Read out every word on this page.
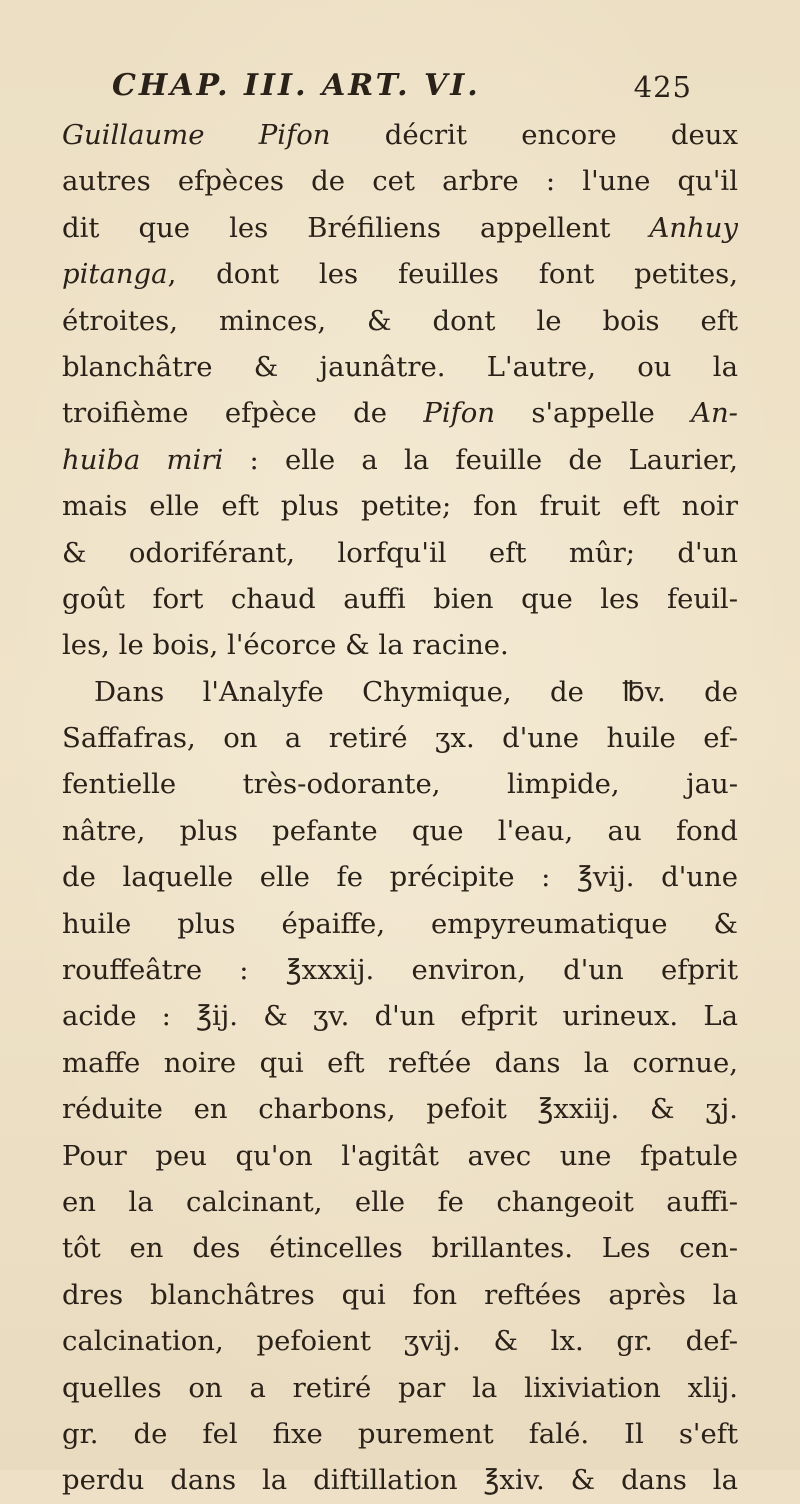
CHAP. III. ART. VI.	425
Guillaume Pifon décrit encore deux
autres efpèces de cet arbre : l'une qu'il
dit que les Bréfiliens appellent Anhuy
pitanga, dont les feuilles font petites,
étroites, minces, & dont le bois eft
blanchâtre & jaunâtre. L'autre, ou la
troifième efpèce de Pifon s'appelle An-
huiba miri : elle a la feuille de Laurier,
mais elle eft plus petite; fon fruit eft noir
& odoriférant, lorfqu'il eft mûr; d'un
goût fort chaud auffi bien que les feuil-
les, le bois, l'écorce & la racine.
Dans l'Analyfe Chymique, de ℔v. de
Saffafras, on a retiré ʒx. d'une huile ef-
fentielle très-odorante, limpide, jau-
nâtre, plus pefante que l'eau, au fond
de laquelle elle fe précipite : ℥vij. d'une
huile plus épaiffe, empyreumatique &
rouffeâtre : ℥xxxij. environ, d'un efprit
acide : ℥ij. & ʒv. d'un efprit urineux. La
maffe noire qui eft reftée dans la cornue,
réduite en charbons, pefoit ℥xxiij. & ʒj.
Pour peu qu'on l'agitât avec une fpatule
en la calcinant, elle fe changeoit auffi-
tôt en des étincelles brillantes. Les cen-
dres blanchâtres qui fon reftées après la
calcination, pefoient ʒvij. & lx. gr. def-
quelles on a retiré par la lixiviation xlij.
gr. de fel fixe purement falé. Il s'eft
perdu dans la diftillation ℥xiv. & dans la
